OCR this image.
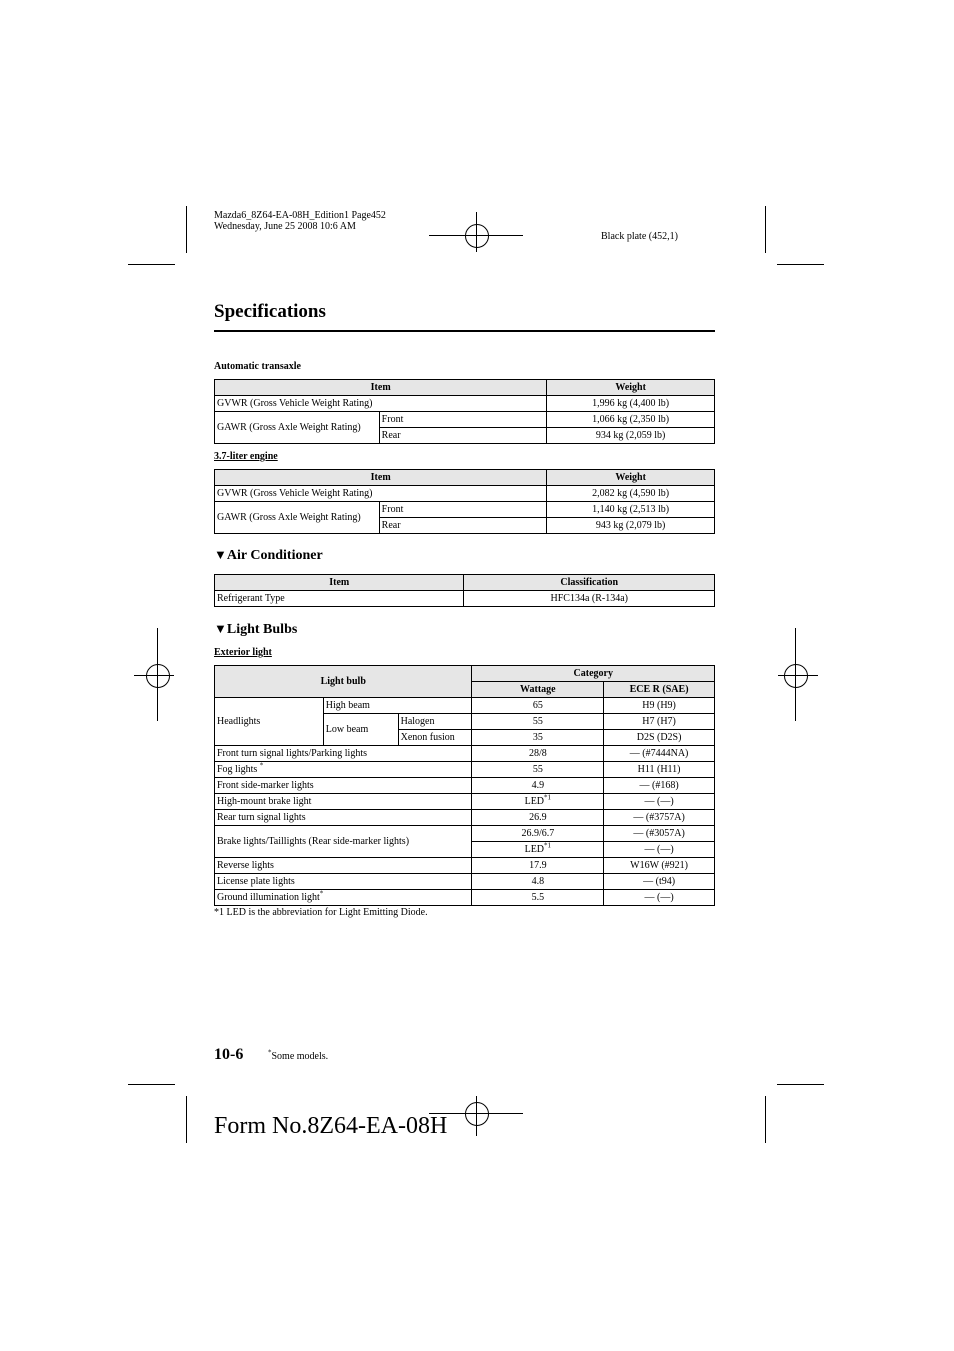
Mazda6_8Z64-EA-08H_Edition1 Page452
Wednesday, June 25 2008 10:6 AM
Black plate (452,1)
Specifications
Automatic transaxle
Item		Weight
GVWR (Gross Vehicle Weight Rating)		1,996 kg (4,400 lb)
GAWR (Gross Axle Weight Rating)	Front	1,066 kg (2,350 lb)
	Rear	934 kg (2,059 lb)
3.7-liter engine
Item		Weight
GVWR (Gross Vehicle Weight Rating)		2,082 kg (4,590 lb)
GAWR (Gross Axle Weight Rating)	Front	1,140 kg (2,513 lb)
	Rear	943 kg (2,079 lb)
▼Air Conditioner
Item	Classification
Refrigerant Type	HFC134a (R-134a)
▼Light Bulbs
Exterior light
Light bulb			Category	
			Wattage	ECE R (SAE)
Headlights	High beam		65	H9 (H9)
	Low beam	Halogen	55	H7 (H7)
		Xenon fusion	35	D2S (D2S)
Front turn signal lights/Parking lights			28/8	— (#7444NA)
Fog lights *			55	H11 (H11)
Front side-marker lights			4.9	— (#168)
High-mount brake light			LED$^{*1}$	— (—)
Rear turn signal lights			26.9	— (#3757A)
Brake lights/Taillights (Rear side-marker lights)			26.9/6.7	— (#3057A)
			LED$^{*1}$	— (—)
Reverse lights			17.9	W16W (#921)
License plate lights			4.8	— (t94)
Ground illumination light*			5.5	— (—)
*1 LED is the abbreviation for Light Emitting Diode.
10-6	*Some models.
Form No.8Z64-EA-08H
